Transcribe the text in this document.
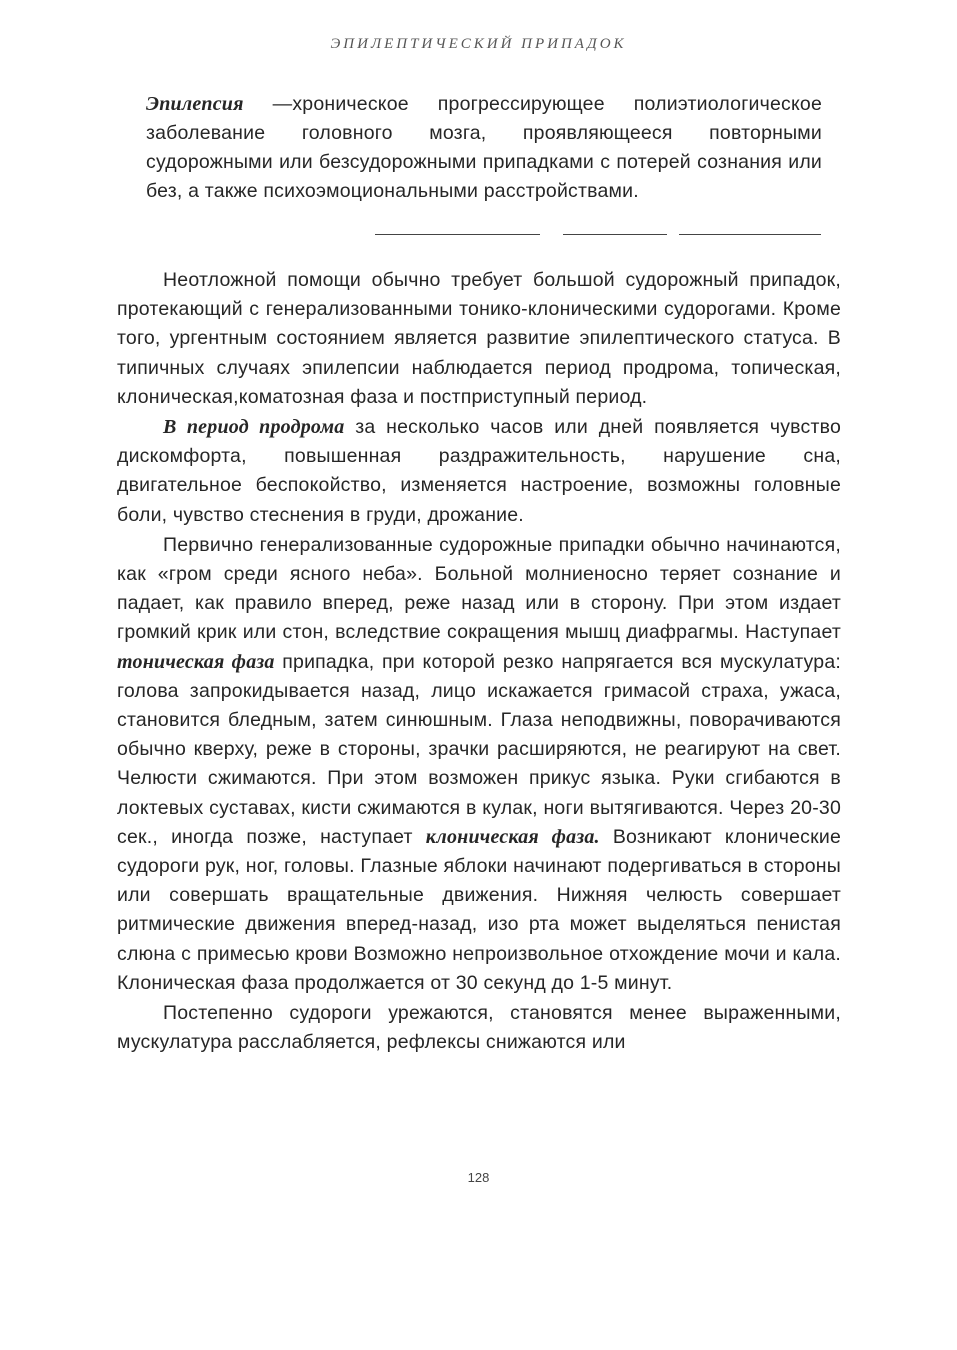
ЭПИЛЕПТИЧЕСКИЙ ПРИПАДОК
Эпилепсия —хроническое прогрессирующее полиэтиологическое заболевание головного мозга, проявляющееся повторными судорожными или безсудорожными припадками с потерей сознания или без, а также психоэмоциональными расстройствами.

Неотложной помощи обычно требует большой судорожный припадок, протекающий с генерализованными тонико-клоническими судорогами. Кроме того, ургентным состоянием является развитие эпилептического статуса. В типичных случаях эпилепсии наблюдается период продрома, топическая, клоническая,коматозная фаза и постприступный период.

В период продрома за несколько часов или дней появляется чувство дискомфорта, повышенная раздражительность, нарушение сна, двигательное беспокойство, изменяется настроение, возможны головные боли, чувство стеснения в груди, дрожание.

Первично генерализованные судорожные припадки обычно начинаются, как «гром среди ясного неба». Больной молниеносно теряет сознание и падает, как правило вперед, реже назад или в сторону. При этом издает громкий крик или стон, вследствие сокращения мышц диафрагмы. Наступает тоническая фаза припадка, при которой резко напрягается вся мускулатура: голова запрокидывается назад, лицо искажается гримасой страха, ужаса, становится бледным, затем синюшным. Глаза неподвижны, поворачиваются обычно кверху, реже в стороны, зрачки расширяются, не реагируют на свет. Челюсти сжимаются. При этом возможен прикус языка. Руки сгибаются в локтевых суставах, кисти сжимаются в кулак, ноги вытягиваются. Через 20-30 сек., иногда позже, наступает клоническая фаза. Возникают клонические судороги рук, ног, головы. Глазные яблоки начинают подергиваться в стороны или совершать вращательные движения. Нижняя челюсть совершает ритмические движения вперед-назад, изо рта может выделяться пенистая слюна с примесью крови Возможно непроизвольное отхождение мочи и кала. Клоническая фаза продолжается от 30 секунд до 1-5 минут.

Постепенно судороги урежаются, становятся менее выраженными, мускулатура расслабляется, рефлексы снижаются или

128
